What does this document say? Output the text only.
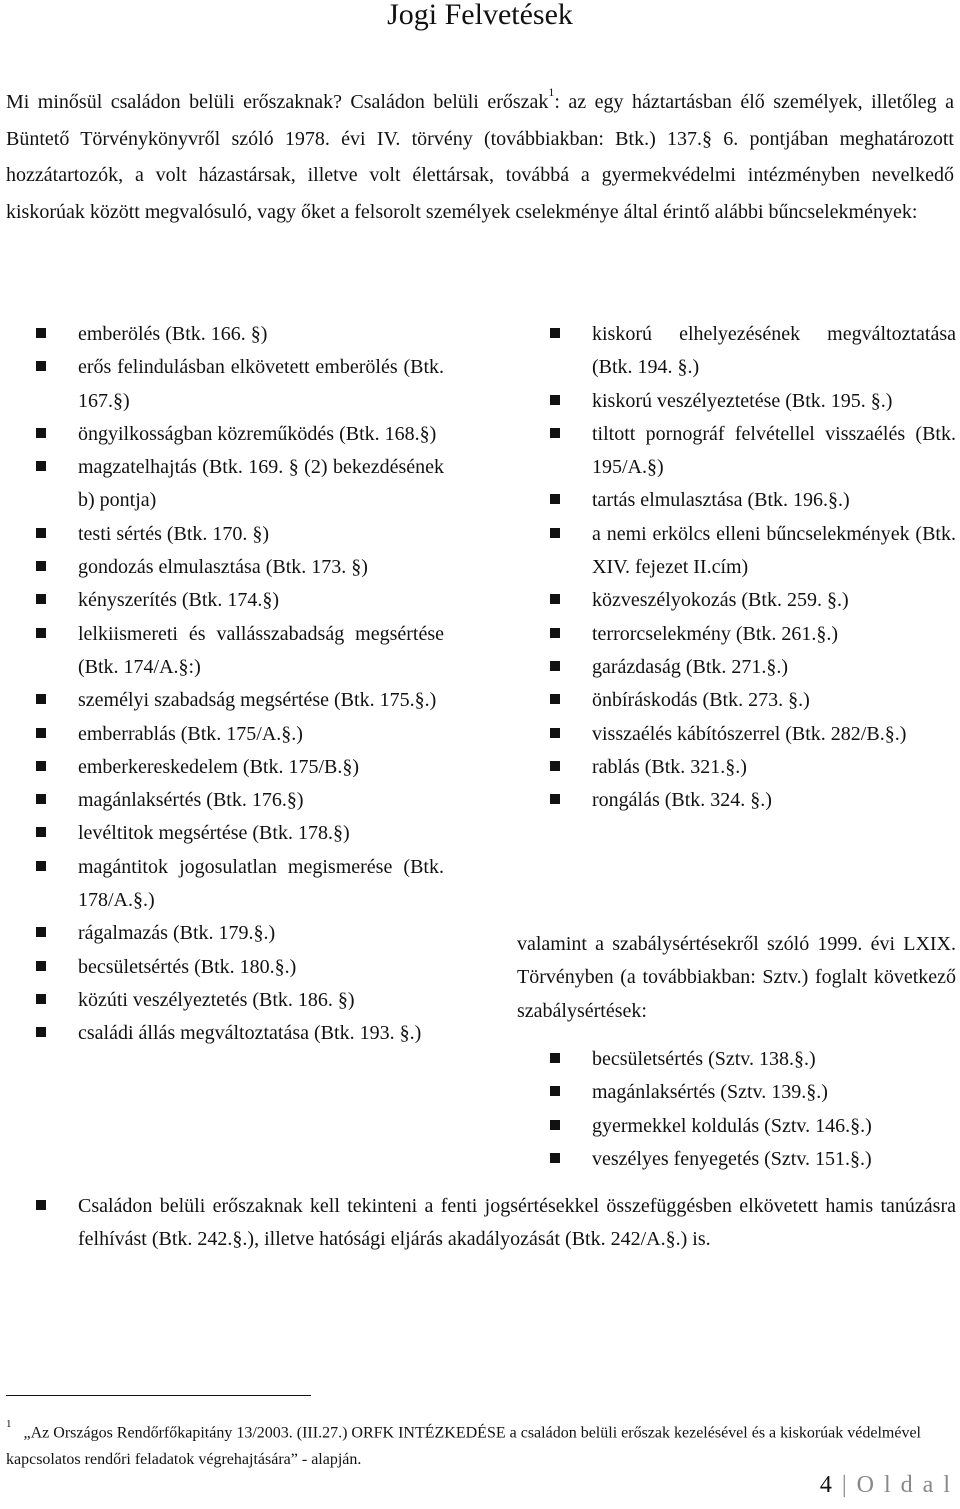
Jogi Felvetések
Mi minősül családon belüli erőszaknak? Családon belüli erőszak$^1$: az egy háztartásban élő személyek, illetőleg a Büntető Törvénykönyvről szóló 1978. évi IV. törvény (továbbiakban: Btk.) 137.§ 6. pontjában meghatározott hozzátartozók, a volt házastársak, illetve volt élettársak, továbbá a gyermekvédelmi intézményben nevelkedő kiskorúak között megvalósuló, vagy őket a felsorolt személyek cselekménye által érintő alábbi bűncselekmények:
emberölés (Btk. 166. §)
erős felindulásban elkövetett emberölés (Btk. 167.§)
öngyilkosságban közreműködés (Btk. 168.§)
magzatelhajtás (Btk. 169. § (2) bekezdésének b) pontja)
testi sértés (Btk. 170. §)
gondozás elmulasztása (Btk. 173. §)
kényszerítés (Btk. 174.§)
lelkiismereti és vallásszabadság megsértése (Btk. 174/A.§:)
személyi szabadság megsértése (Btk. 175.§.)
emberrablás (Btk. 175/A.§.)
emberkereskedelem (Btk. 175/B.§)
magánlaksértés (Btk. 176.§)
levéltitok megsértése (Btk. 178.§)
magántitok jogosulatlan megismerése (Btk. 178/A.§.)
rágalmazás (Btk. 179.§.)
becsületsértés (Btk. 180.§.)
közúti veszélyeztetés (Btk. 186. §)
családi állás megváltoztatása (Btk. 193. §.)
kiskorú elhelyezésének megváltoztatása (Btk. 194. §.)
kiskorú veszélyeztetése (Btk. 195. §.)
tiltott pornográf felvétellel visszaélés (Btk. 195/A.§)
tartás elmulasztása (Btk. 196.§.)
a nemi erkölcs elleni bűncselekmények (Btk. XIV. fejezet II.cím)
közveszélyokozás (Btk. 259. §.)
terrorcselekmény (Btk. 261.§.)
garázdaság (Btk. 271.§.)
önbíráskodás (Btk. 273. §.)
visszaélés kábítószerrel (Btk. 282/B.§.)
rablás (Btk. 321.§.)
rongálás (Btk. 324. §.)

valamint a szabálysértésekről szóló 1999. évi LXIX. Törvényben (a továbbiakban: Sztv.) foglalt következő szabálysértések:

becsületsértés (Sztv. 138.§.)
magánlaksértés (Sztv. 139.§.)
gyermekkel koldulás (Sztv. 146.§.)
veszélyes fenyegetés (Sztv. 151.§.)
Családon belüli erőszaknak kell tekinteni a fenti jogsértésekkel összefüggésben elkövetett hamis tanúzásra felhívást (Btk. 242.§.), illetve hatósági eljárás akadályozását (Btk. 242/A.§.) is.
$^1$„Az Országos Rendőrfőkapitány 13/2003. (III.27.) ORFK INTÉZKEDÉSE a családon belüli erőszak kezelésével és a kiskorúak védelmével kapcsolatos rendőri feladatok végrehajtására” - alapján.
4 | O l d a l
